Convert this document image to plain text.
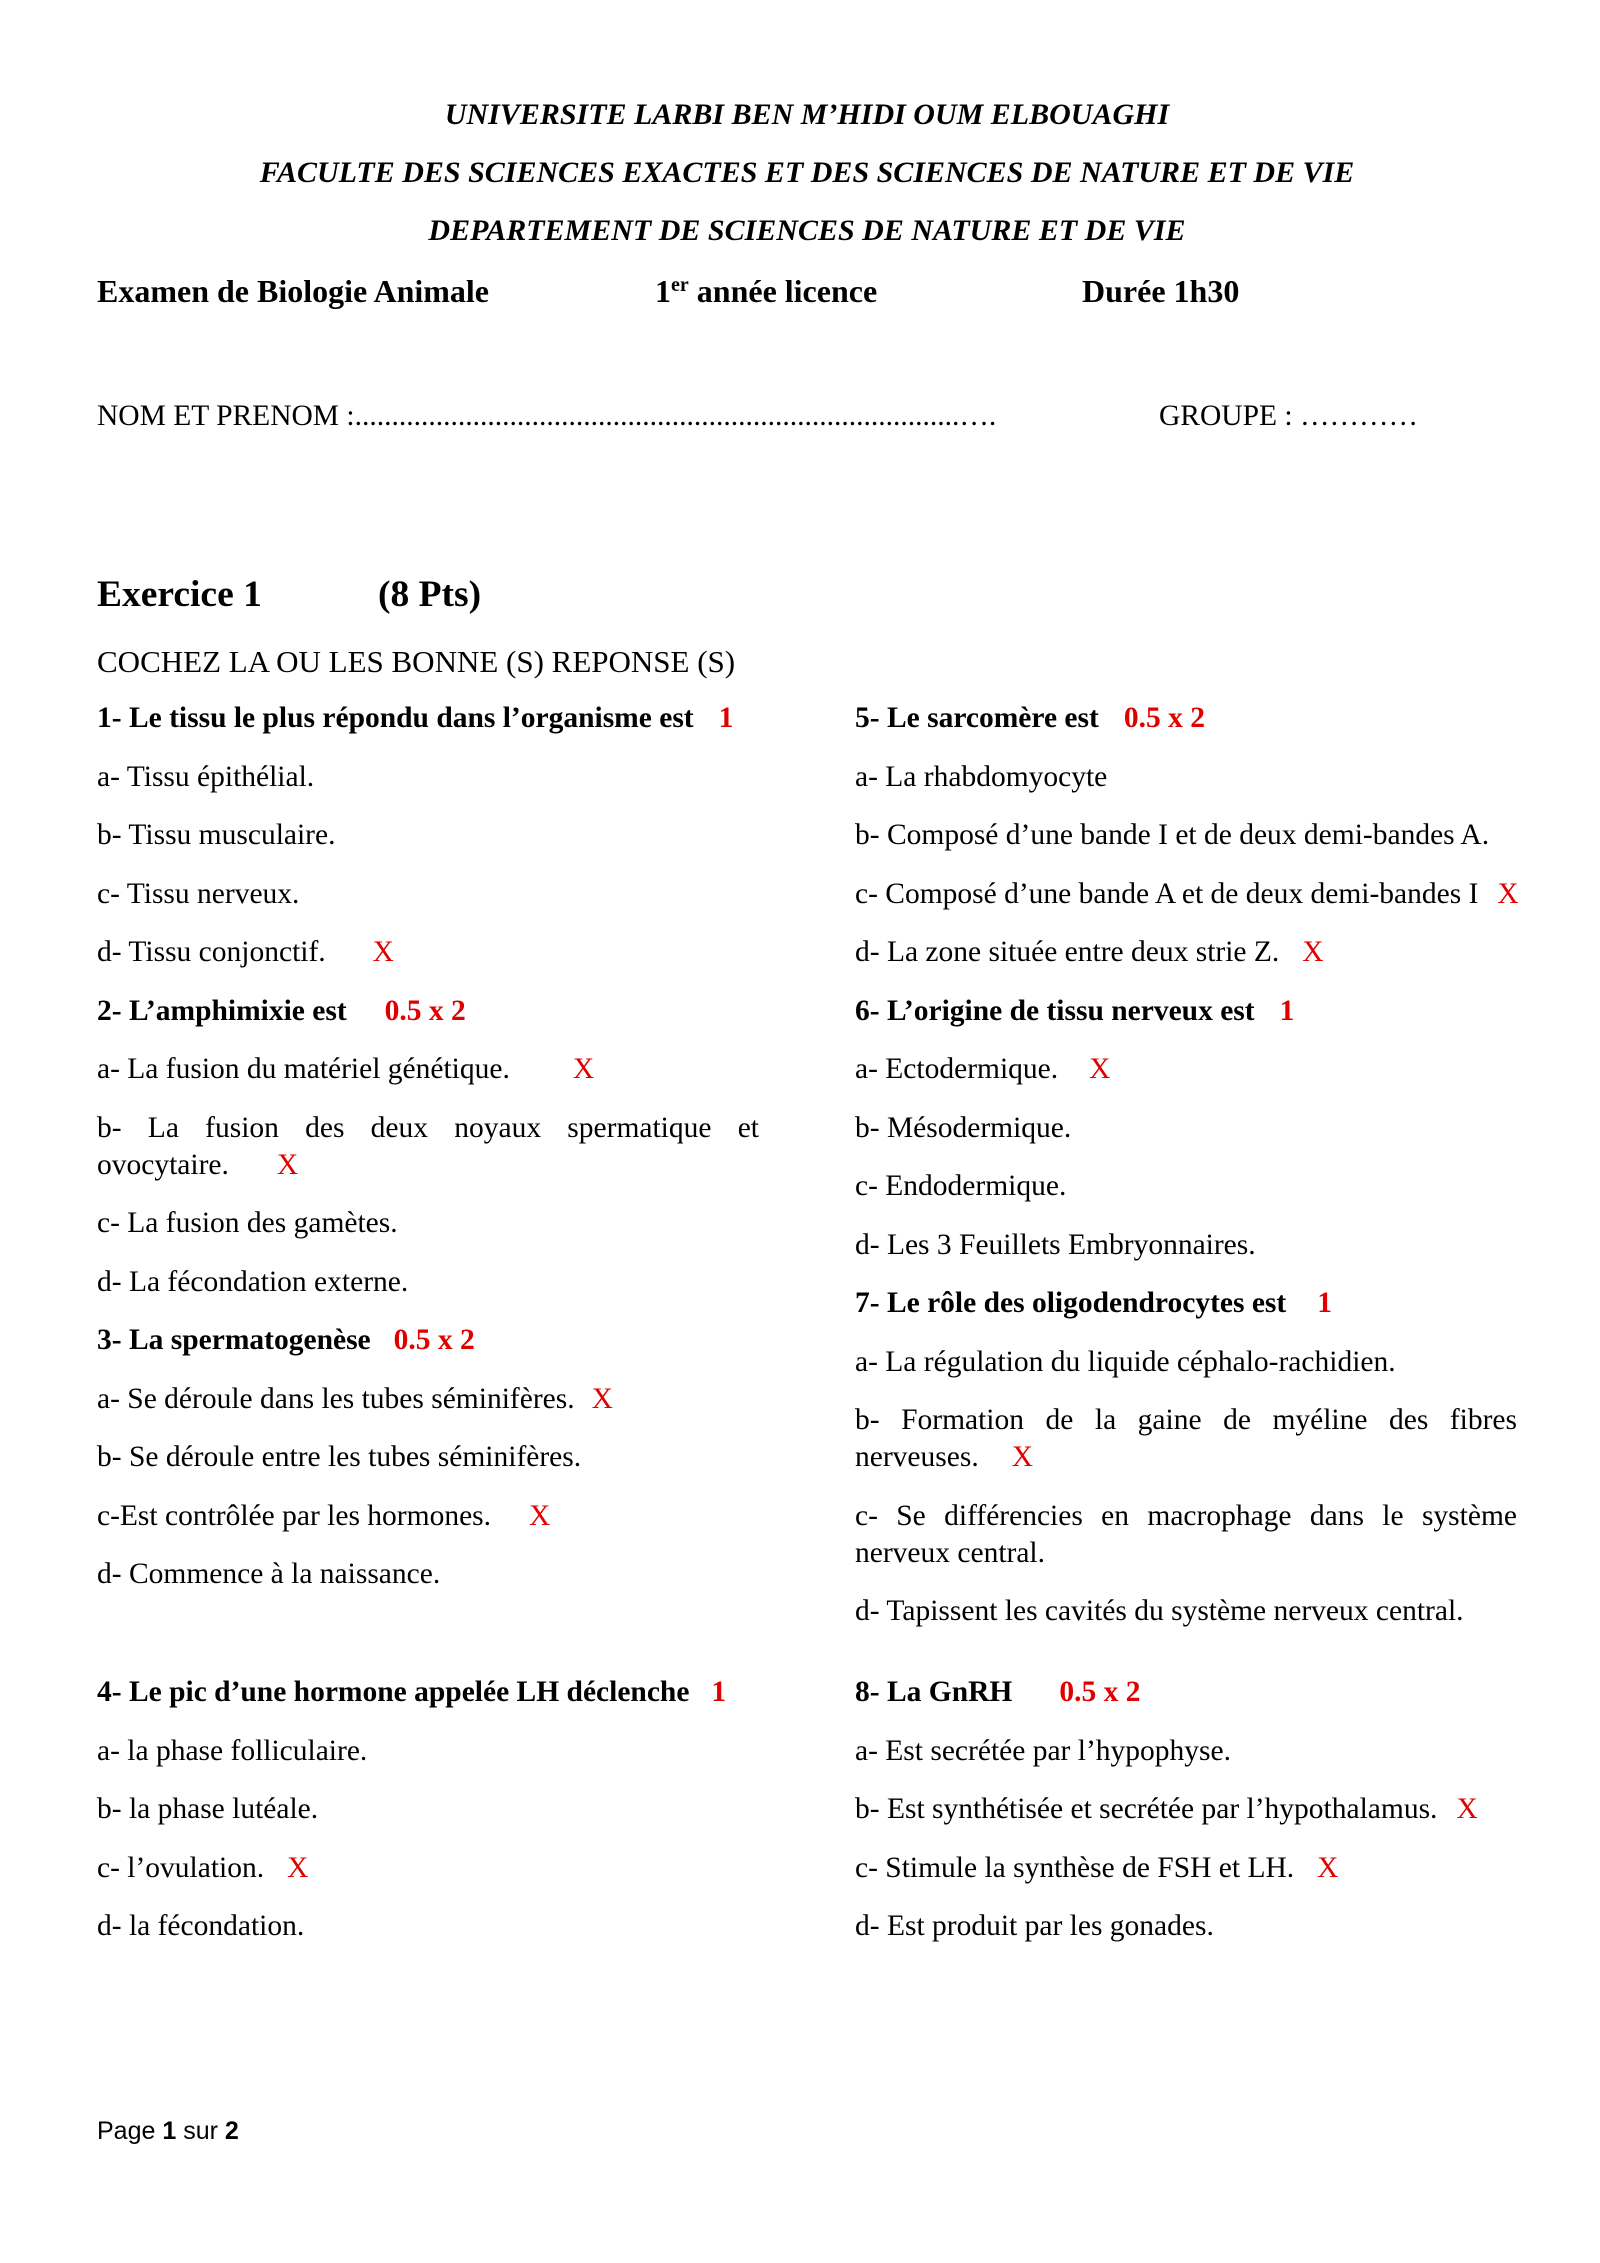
UNIVERSITE LARBI BEN M’HIDI OUM ELBOUAGHI
FACULTE DES SCIENCES EXACTES ET DES SCIENCES DE NATURE ET DE VIE
DEPARTEMENT DE SCIENCES DE NATURE ET DE VIE
Examen de Biologie Animale	1er année licence	Durée 1h30
NOM ET PRENOM :..................................................................................….	GROUPE : …………
Exercice 1	(8 Pts)
COCHEZ LA OU LES BONNE (S) REPONSE (S)

1- Le tissu le plus répondu dans l’organisme est 1

a- Tissu épithélial.

b- Tissu musculaire.

c- Tissu nerveux.

d- Tissu conjonctif. X

2- L’amphimixie est 0.5 x 2

a- La fusion du matériel génétique. X

b- La fusion des deux noyaux spermatique et ovocytaire. X

c- La fusion des gamètes.

d- La fécondation externe.

3- La spermatogenèse 0.5 x 2

a- Se déroule dans les tubes séminifères. X

b- Se déroule entre les tubes séminifères.

c-Est contrôlée par les hormones. X

d- Commence à la naissance.

5- Le sarcomère est 0.5 x 2

a- La rhabdomyocyte

b- Composé d’une bande I et de deux demi-bandes A.

c- Composé d’une bande A et de deux demi-bandes I X

d- La zone située entre deux strie Z. X

6- L’origine de tissu nerveux est 1

a- Ectodermique. X

b- Mésodermique.

c- Endodermique.

d- Les 3 Feuillets Embryonnaires.

7- Le rôle des oligodendrocytes est 1

a- La régulation du liquide céphalo-rachidien.

b- Formation de la gaine de myéline des fibres nerveuses. X

c- Se différencies en macrophage dans le système nerveux central.

d- Tapissent les cavités du système nerveux central.

4- Le pic d’une hormone appelée LH déclenche 1

a- la phase folliculaire.

b- la phase lutéale.

c- l’ovulation. X

d- la fécondation.

8- La GnRH 0.5 x 2

a- Est secrétée par l’hypophyse.

b- Est synthétisée et secrétée par l’hypothalamus. X

c- Stimule la synthèse de FSH et LH. X

d- Est produit par les gonades.

Page 1 sur 2
